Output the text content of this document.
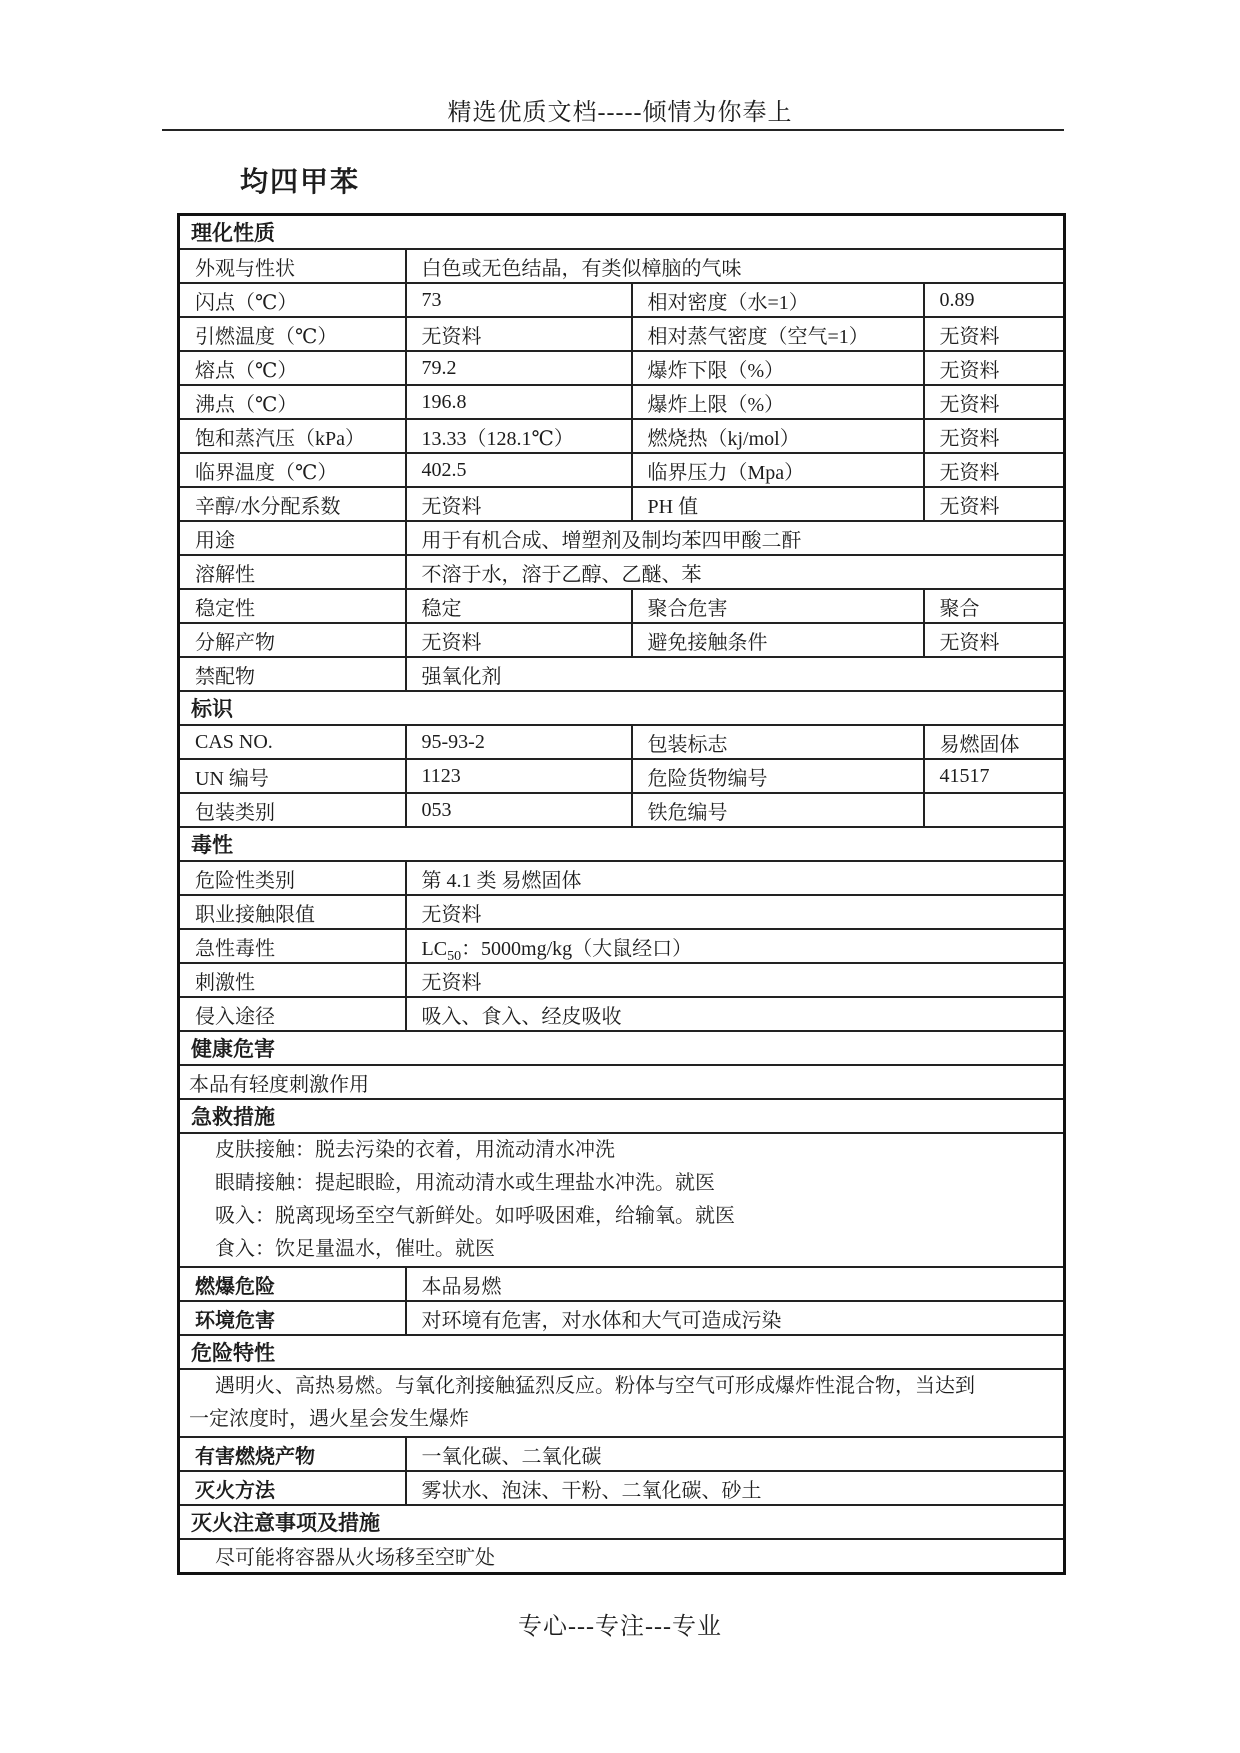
精选优质文档-----倾情为你奉上
均四甲苯
理化性质			
外观与性状	白色或无色结晶，有类似樟脑的气味		
闪点（℃）	73	相对密度（水=1）	0.89
引燃温度（℃）	无资料	相对蒸气密度（空气=1）	无资料
熔点（℃）	79.2	爆炸下限（%）	无资料
沸点（℃）	196.8	爆炸上限（%）	无资料
饱和蒸汽压（kPa）	13.33（128.1℃）	燃烧热（kj/mol）	无资料
临界温度（℃）	402.5	临界压力（Mpa）	无资料
辛醇/水分配系数	无资料	PH 值	无资料
用途	用于有机合成、增塑剂及制均苯四甲酸二酐		
溶解性	不溶于水，溶于乙醇、乙醚、苯		
稳定性	稳定	聚合危害	聚合
分解产物	无资料	避免接触条件	无资料
禁配物	强氧化剂		
标识			
CAS NO.	95-93-2	包装标志	易燃固体
UN 编号	1123	危险货物编号	41517
包装类别	053	铁危编号	
毒性			
危险性类别	第 4.1 类 易燃固体		
职业接触限值	无资料		
急性毒性	$LC_{50}$：5000mg/kg（大鼠经口）		
刺激性	无资料		
侵入途径	吸入、食入、经皮吸收		
健康危害			
本品有轻度刺激作用			
急救措施			

皮肤接触：脱去污染的衣着，用流动清水冲洗
眼睛接触：提起眼睑，用流动清水或生理盐水冲洗。就医
吸入：脱离现场至空气新鲜处。如呼吸困难，给输氧。就医
食入：饮足量温水，催吐。就医			

燃爆危险	本品易燃		
环境危害	对环境有危害，对水体和大气可造成污染		
危险特性			

遇明火、高热易燃。与氧化剂接触猛烈反应。粉体与空气可形成爆炸性混合物，当达到
一定浓度时，遇火星会发生爆炸			

有害燃烧产物	一氧化碳、二氧化碳		
灭火方法	雾状水、泡沫、干粉、二氧化碳、砂土		
灭火注意事项及措施			
尽可能将容器从火场移至空旷处			
专心---专注---专业
